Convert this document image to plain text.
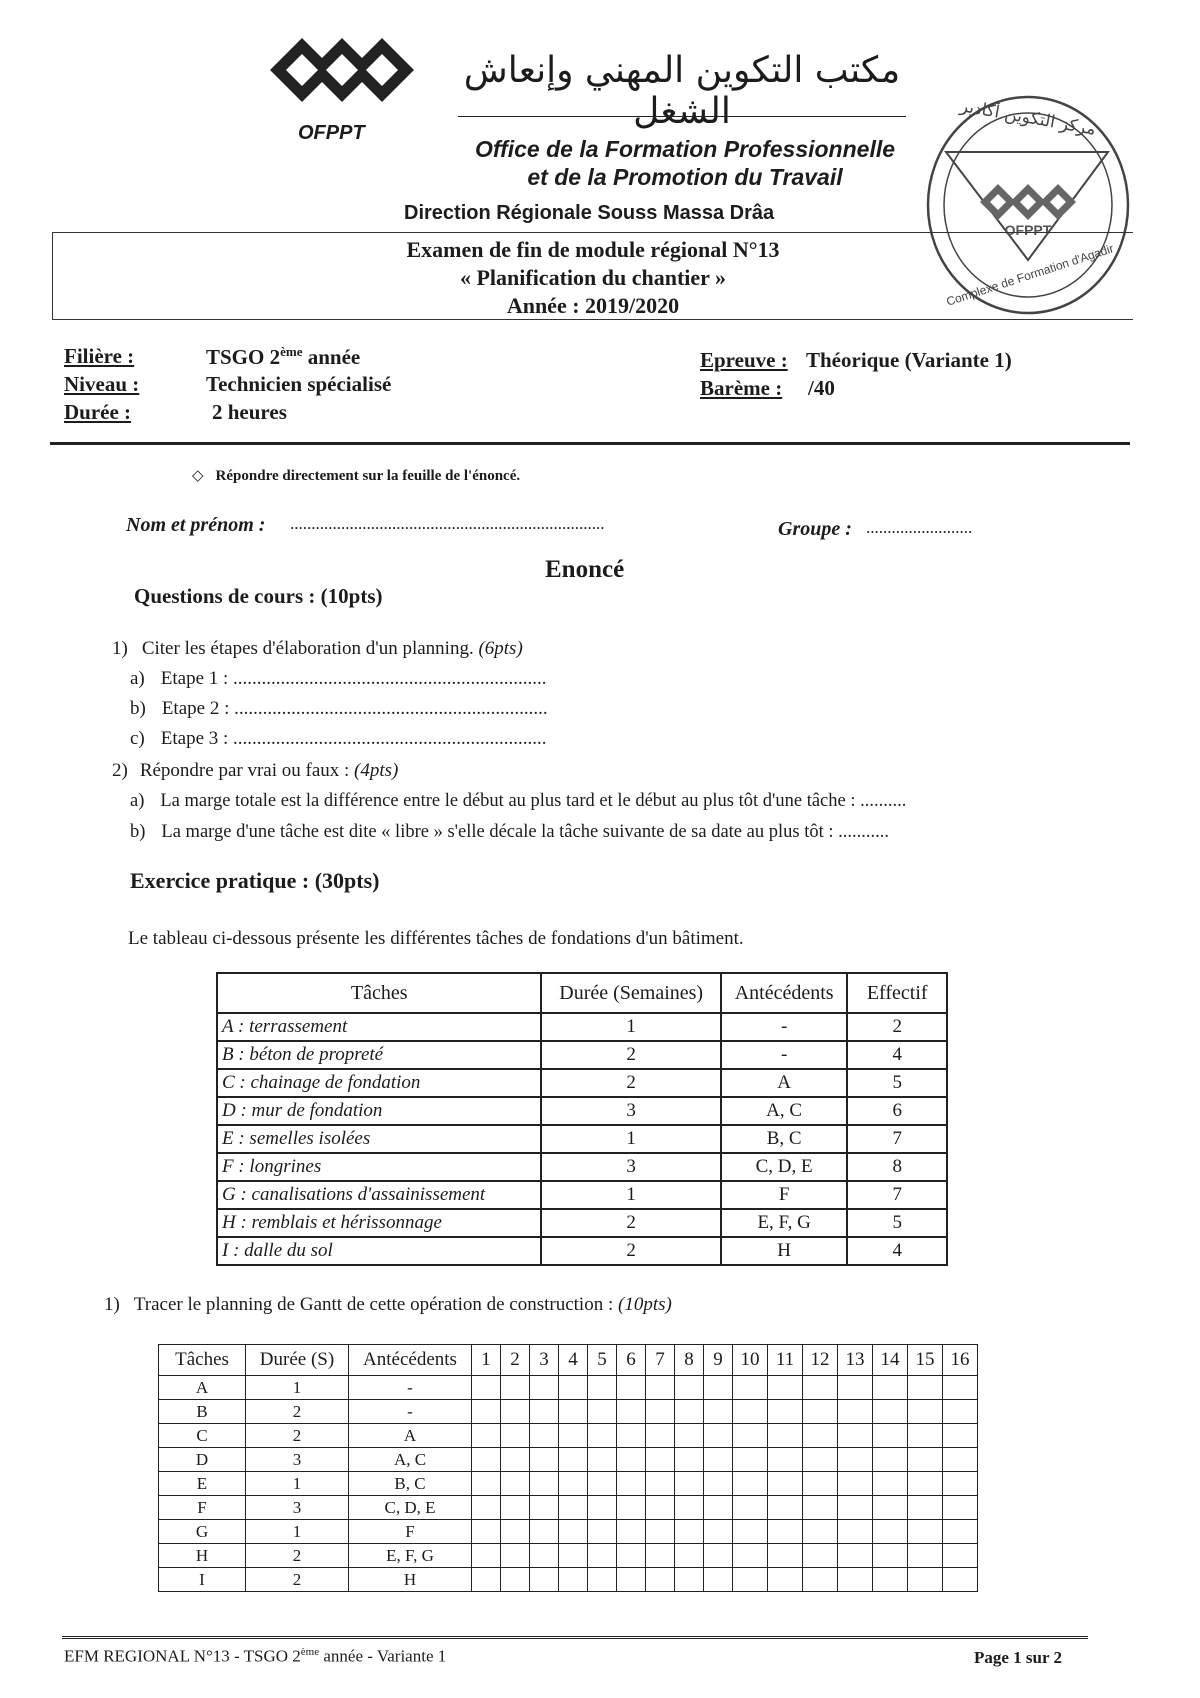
OFPPT
مكتب التكوين المهني وإنعاش الشغل
Office de la Formation Professionnelle
et de la Promotion du Travail
Direction Régionale Souss Massa Drâa
مركز التكوين أكادير
OFPPT
Complexe de Formation d'Agadir
Examen de fin de module régional N°13
« Planification du chantier »
Année : 2019/2020
Filière :	TSGO 2ème année
Niveau :	Technicien spécialisé
Durée :	2 heures
Epreuve : Théorique (Variante 1)
Barème : /40
◇ Répondre directement sur la feuille de l'énoncé.
Nom et prénom : ..........................................................................	Groupe : .........................
Enoncé
Questions de cours : (10pts)
1) Citer les étapes d'élaboration d'un planning. (6pts)
a) Etape 1 : ..................................................................
b) Etape 2 : ..................................................................
c) Etape 3 : ..................................................................
2) Répondre par vrai ou faux : (4pts)
a) La marge totale est la différence entre le début au plus tard et le début au plus tôt d'une tâche : ..........
b) La marge d'une tâche est dite « libre » s'elle décale la tâche suivante de sa date au plus tôt : ...........
Exercice pratique : (30pts)
Le tableau ci-dessous présente les différentes tâches de fondations d'un bâtiment.
Tâches	Durée (Semaines)	Antécédents	Effectif
A : terrassement	1	-	2
B : béton de propreté	2	-	4
C : chainage de fondation	2	A	5
D : mur de fondation	3	A, C	6
E : semelles isolées	1	B, C	7
F : longrines	3	C, D, E	8
G : canalisations d'assainissement	1	F	7
H : remblais et hérissonnage	2	E, F, G	5
I : dalle du sol	2	H	4
1) Tracer le planning de Gantt de cette opération de construction : (10pts)
Tâches	Durée (S)	Antécédents	1	2	3	4	5	6	7	8	9	10	11	12	13	14	15	16
A	1	-																
B	2	-																
C	2	A																
D	3	A, C																
E	1	B, C																
F	3	C, D, E																
G	1	F																
H	2	E, F, G																
I	2	H																
EFM REGIONAL N°13 - TSGO 2ème année - Variante 1	Page 1 sur 2
